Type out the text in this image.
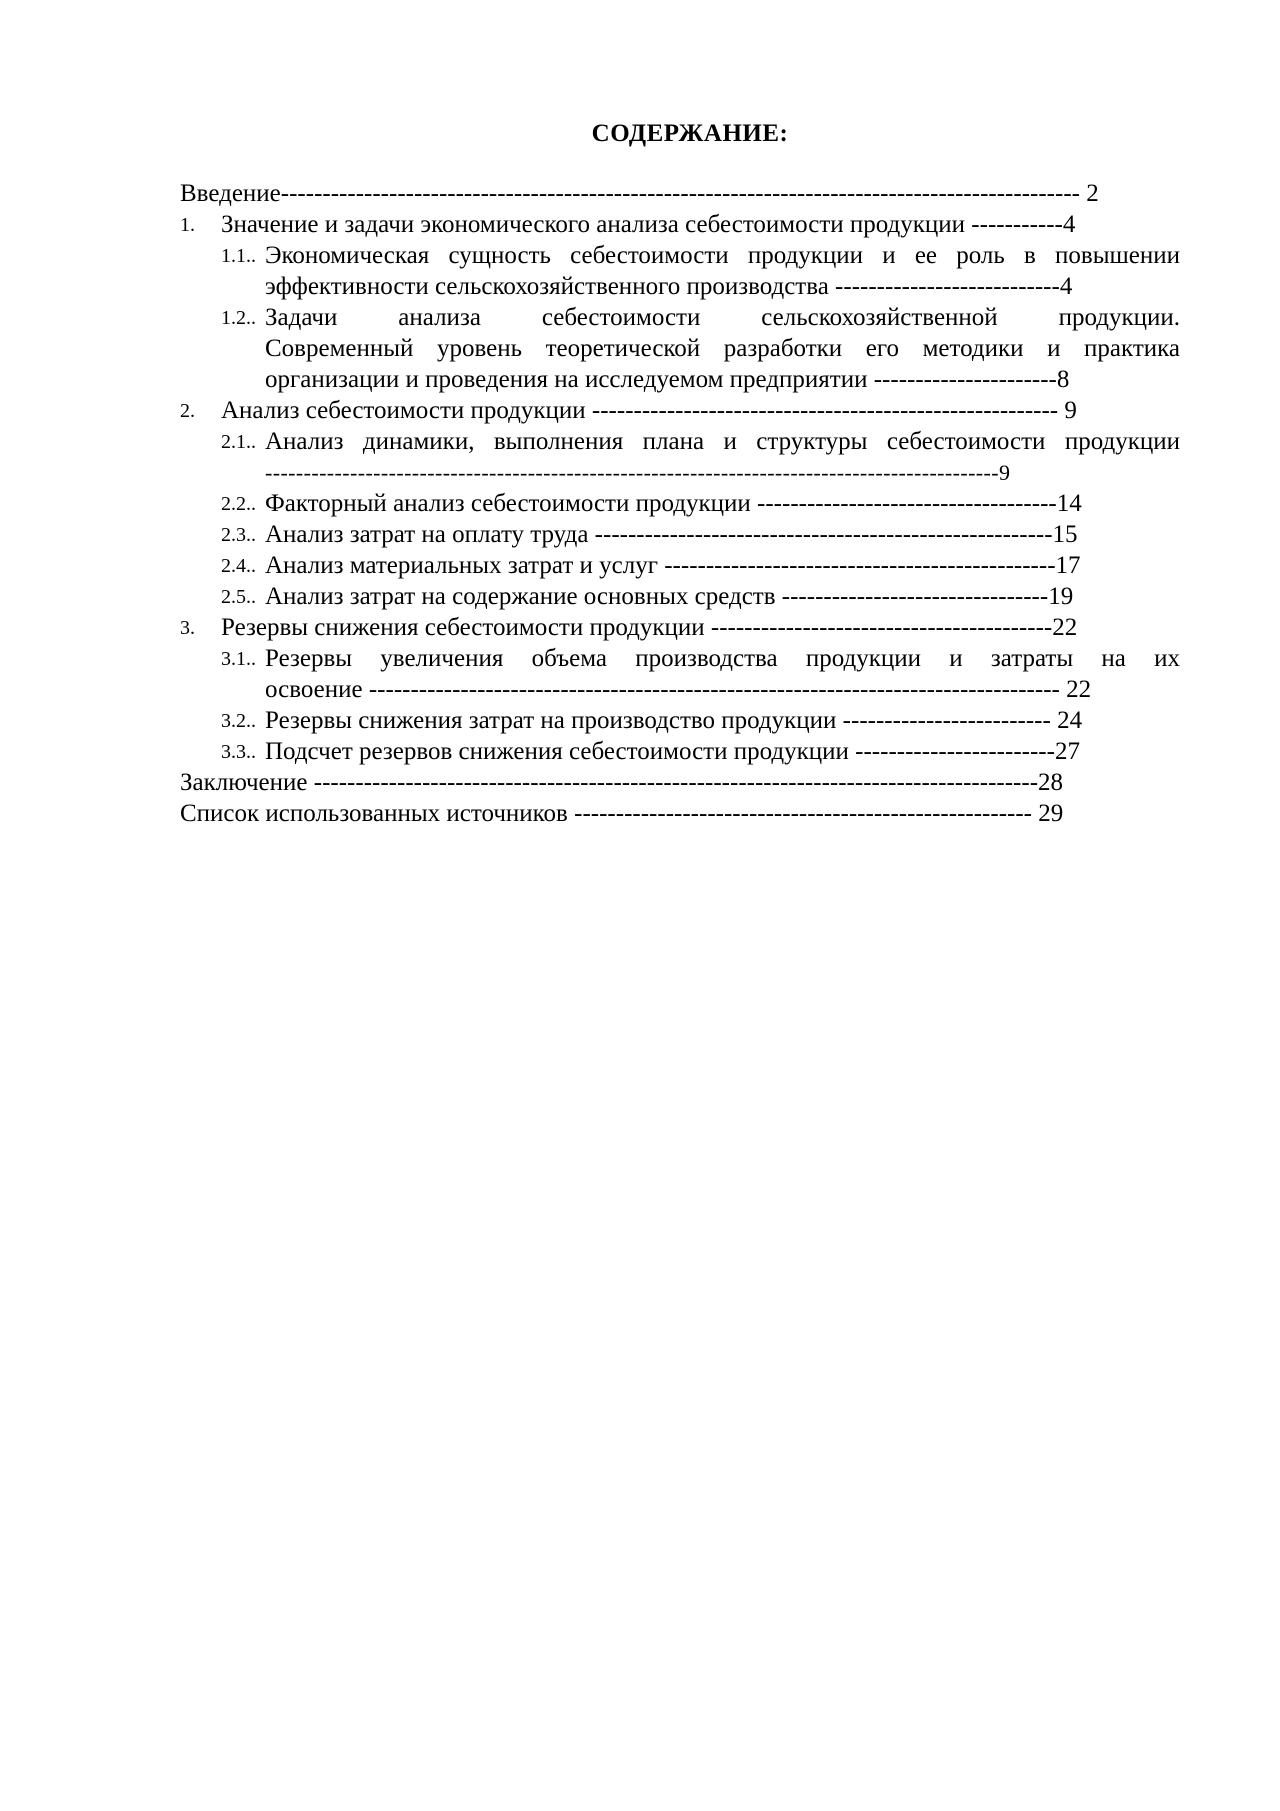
СОДЕРЖАНИЕ:
Введение------------------------------------------------------------------------------------------------ 2
1. Значение и задачи экономического анализа себестоимости продукции -----------4
1.1.. Экономическая сущность себестоимости продукции и ее роль в повышении
эффективности сельскохозяйственного производства ---------------------------4
1.2.. Задачи анализа себестоимости сельскохозяйственной продукции.
Современный уровень теоретической разработки его методики и практика
организации и проведения на исследуемом предприятии ----------------------8
2. Анализ себестоимости продукции -------------------------------------------------------- 9
2.1.. Анализ динамики, выполнения плана и структуры себестоимости продукции
-----------------------------------------------------------------------------------------------9
2.2.. Факторный анализ себестоимости продукции ------------------------------------14
2.3.. Анализ затрат на оплату труда -------------------------------------------------------15
2.4.. Анализ материальных затрат и услуг -----------------------------------------------17
2.5.. Анализ затрат на содержание основных средств --------------------------------19
3. Резервы снижения себестоимости продукции -----------------------------------------22
3.1.. Резервы увеличения объема производства продукции и затраты на их
освоение ----------------------------------------------------------------------------------- 22
3.2.. Резервы снижения затрат на производство продукции ------------------------- 24
3.3.. Подсчет резервов снижения себестоимости продукции ------------------------27
Заключение ---------------------------------------------------------------------------------------28
Список использованных источников ------------------------------------------------------- 29
